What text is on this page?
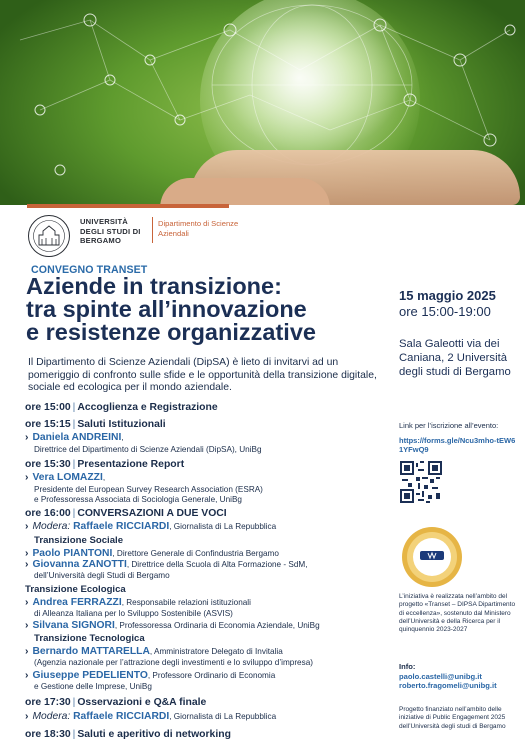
UNIVERSITÀ DEGLI STUDI DI BERGAMO
Dipartimento di Scienze Aziendali
CONVEGNO TRANSET
Aziende in transizione:
tra spinte all’innovazione
e resistenze organizzative
Il Dipartimento di Scienze Aziendali (DipSA) è lieto di invitarvi ad un pomeriggio di confronto sulle sfide e le opportunità della transizione digitale, sociale ed ecologica per il mondo aziendale.
ore 15:00 | Accoglienza e Registrazione
ore 15:15 | Saluti Istituzionali
› Daniela ANDREINI,
Direttrice del Dipartimento di Scienze Aziendali (DipSA), UniBg
ore 15:30 | Presentazione Report
› Vera LOMAZZI,
Presidente del European Survey Research Association (ESRA)
e Professoressa Associata di Sociologia Generale, UniBg
ore 16:00 | CONVERSAZIONI A DUE VOCI
› Modera: Raffaele RICCIARDI, Giornalista di La Repubblica
Transizione Sociale
› Paolo PIANTONI, Direttore Generale di Confindustria Bergamo
› Giovanna ZANOTTI, Direttrice della Scuola di Alta Formazione - SdM,
dell’Università degli Studi di Bergamo
Transizione Ecologica
› Andrea FERRAZZI, Responsabile relazioni istituzionali
di Alleanza Italiana per lo Sviluppo Sostenibile (ASVIS)
› Silvana SIGNORI, Professoressa Ordinaria di Economia Aziendale, UniBg
Transizione Tecnologica
› Bernardo MATTARELLA, Amministratore Delegato di Invitalia
(Agenzia nazionale per l’attrazione degli investimenti e lo sviluppo d’impresa)
› Giuseppe PEDELIENTO, Professore Ordinario di Economia
e Gestione delle Imprese, UniBg
ore 17:30 | Osservazioni e Q&A finale
› Modera: Raffaele RICCIARDI, Giornalista di La Repubblica
ore 18:30 | Saluti e aperitivo di networking
15 maggio 2025
ore 15:00-19:00
Sala Galeotti via dei Caniana, 2 Università degli studi di Bergamo
Link per l’iscrizione all’evento:
https://forms.gle/Ncu3mho-tEW61YFwQ9
L’iniziativa è realizzata nell’ambito del progetto «Transet – DIPSA Dipartimento di eccellenza», sostenuto dal Ministero dell’Università e della Ricerca per il quinquennio 2023-2027
Info:
paolo.castelli@unibg.it
roberto.fragomeli@unibg.it
Progetto finanziato nell’ambito delle iniziative di Public Engagement 2025 dell’Università degli studi di Bergamo
